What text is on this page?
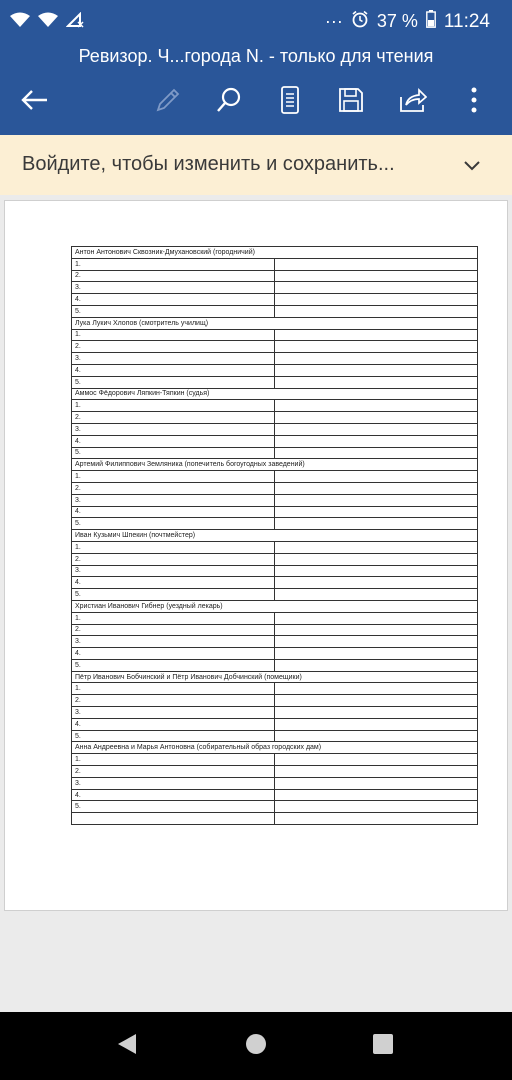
··· 37 % 11:24
Ревизор. Ч...города N. - только для чтения
Войдите, чтобы изменить и сохранить...
Антон Антонович Сквозник-Дмухановский (городничий)	
1.	
2.	
3.	
4.	
5.	
Лука Лукич Хлопов (смотритель училищ)	
1.	
2.	
3.	
4.	
5.	
Аммос Фёдорович Ляпкин-Тяпкин (судья)	
1.	
2.	
3.	
4.	
5.	
Артемий Филиппович Земляника (попечитель богоугодных заведений)	
1.	
2.	
3.	
4.	
5.	
Иван Кузьмич Шпекин (почтмейстер)	
1.	
2.	
3.	
4.	
5.	
Христиан Иванович Гибнер (уездный лекарь)	
1.	
2.	
3.	
4.	
5.	
Пётр Иванович Бобчинский и Пётр Иванович Добчинский (помещики)	
1.	
2.	
3.	
4.	
5.	
Анна Андреевна и Марья Антоновна (собирательный образ городских дам)	
1.	
2.	
3.	
4.	
5.	
